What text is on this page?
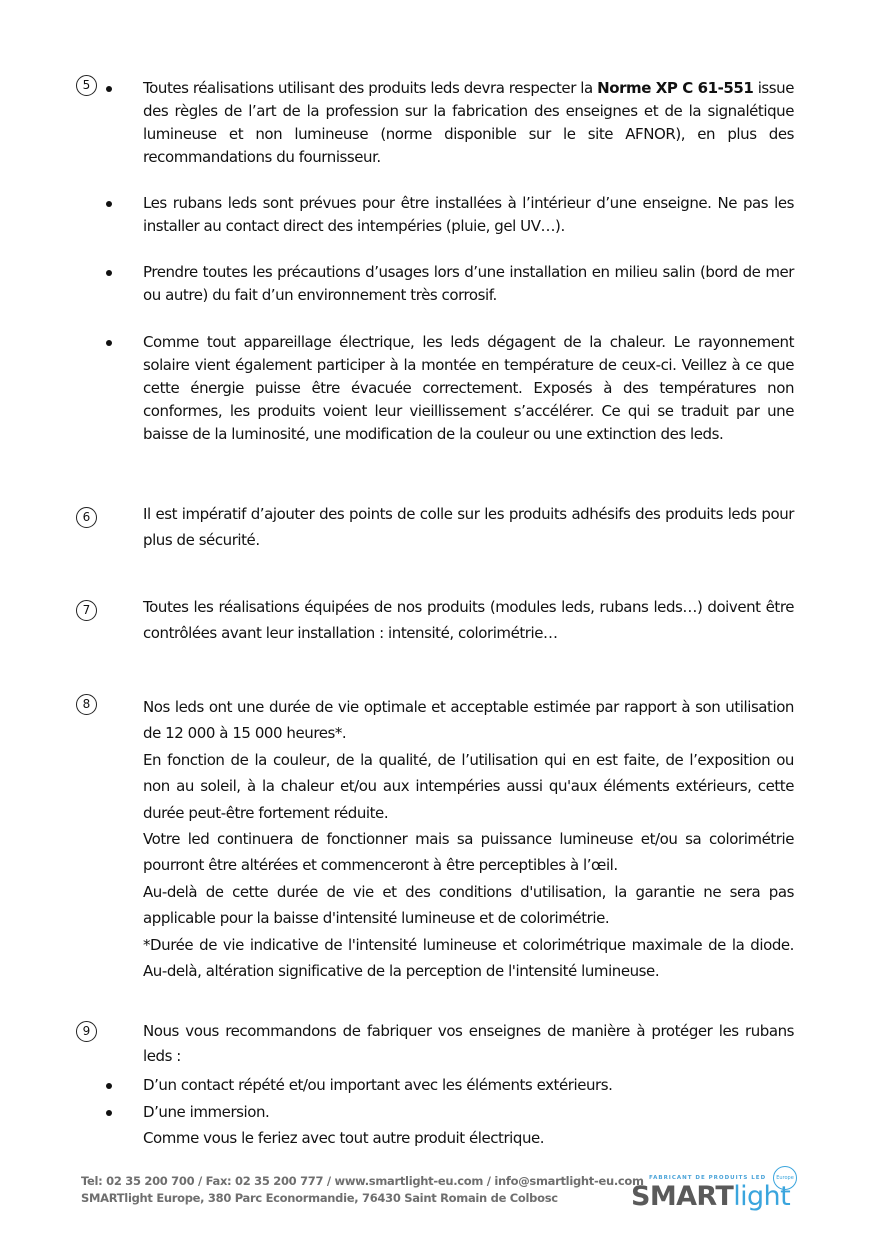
5	Toutes réalisations utilisant des produits leds devra respecter la Norme XP C 61-551 issue des règles de l’art de la profession sur la fabrication des enseignes et de la signalétique lumineuse et non lumineuse (norme disponible sur le site AFNOR), en plus des recommandations du fournisseur.
Les rubans leds sont prévues pour être installées à l’intérieur d’une enseigne. Ne pas les installer au contact direct des intempéries (pluie, gel UV…).
Prendre toutes les précautions d’usages lors d’une installation en milieu salin (bord de mer ou autre) du fait d’un environnement très corrosif.
Comme tout appareillage électrique, les leds dégagent de la chaleur. Le rayonnement solaire vient également participer à la montée en température de ceux-ci. Veillez à ce que cette énergie puisse être évacuée correctement. Exposés à des températures non conformes, les produits voient leur vieillissement s’accélérer. Ce qui se traduit par une baisse de la luminosité, une modification de la couleur ou une extinction des leds.
6	Il est impératif d’ajouter des points de colle sur les produits adhésifs des produits leds pour plus de sécurité.
7	Toutes les réalisations équipées de nos produits (modules leds, rubans leds…) doivent être contrôlées avant leur installation : intensité, colorimétrie…
8	Nos leds ont une durée de vie optimale et acceptable estimée par rapport à son utilisation de 12 000 à 15 000 heures*.
En fonction de la couleur, de la qualité, de l’utilisation qui en est faite, de l’exposition ou non au soleil, à la chaleur et/ou aux intempéries aussi qu'aux éléments extérieurs, cette durée peut-être fortement réduite.
Votre led continuera de fonctionner mais sa puissance lumineuse et/ou sa colorimétrie pourront être altérées et commenceront à être perceptibles à l’œil.
Au-delà de cette durée de vie et des conditions d'utilisation, la garantie ne sera pas applicable pour la baisse d'intensité lumineuse et de colorimétrie.
*Durée de vie indicative de l'intensité lumineuse et colorimétrique maximale de la diode. Au-delà, altération significative de la perception de l'intensité lumineuse.
9	Nous vous recommandons de fabriquer vos enseignes de manière à protéger les rubans leds :
D’un contact répété et/ou important avec les éléments extérieurs.
D’une immersion.
Comme vous le feriez avec tout autre produit électrique.
Tel: 02 35 200 700 / Fax: 02 35 200 777 / www.smartlight-eu.com / info@smartlight-eu.com
SMARTlight Europe, 380 Parc Econormandie, 76430 Saint Romain de Colbosc
FABRICANT DE PRODUITS LED	Europe
SMARTlight
